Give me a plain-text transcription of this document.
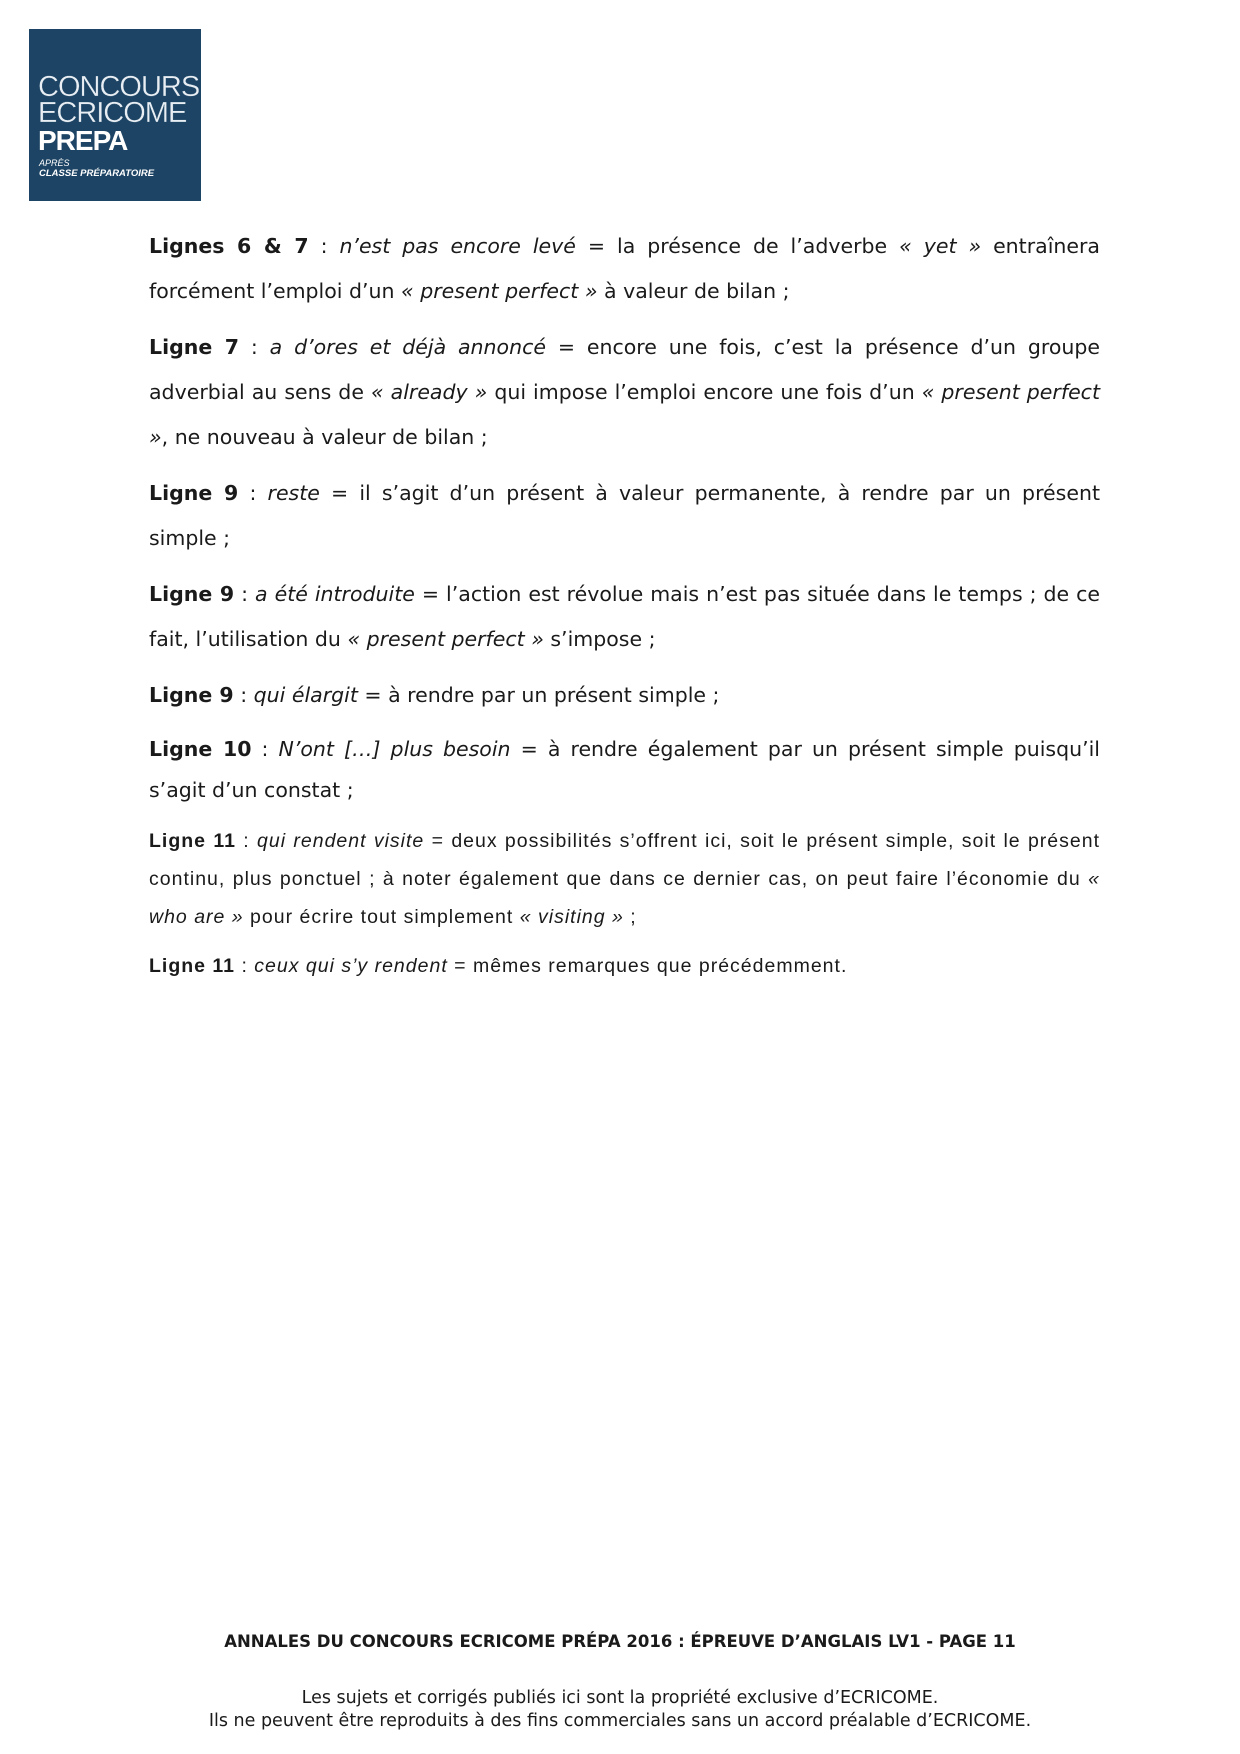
CONCOURS
ECRICOME
PREPA
APRÈS
CLASSE PRÉPARATOIRE

Lignes 6 & 7 : n’est pas encore levé = la présence de l’adverbe « yet » entraînera forcément l’emploi d’un « present perfect » à valeur de bilan ;

Ligne 7 : a d’ores et déjà annoncé = encore une fois, c’est la présence d’un groupe adverbial au sens de « already » qui impose l’emploi encore une fois d’un « present perfect », ne nouveau à valeur de bilan ;

Ligne 9 : reste = il s’agit d’un présent à valeur permanente, à rendre par un présent simple ;

Ligne 9 : a été introduite = l’action est révolue mais n’est pas située dans le temps ; de ce fait, l’utilisation du « present perfect » s’impose ;

Ligne 9 : qui élargit = à rendre par un présent simple ;

Ligne 10 : N’ont […] plus besoin = à rendre également par un présent simple puisqu’il s’agit d’un constat ;

Ligne 11 : qui rendent visite = deux possibilités s’offrent ici, soit le présent simple, soit le présent continu, plus ponctuel ; à noter également que dans ce dernier cas, on peut faire l’économie du « who are » pour écrire tout simplement « visiting » ;

Ligne 11 : ceux qui s’y rendent = mêmes remarques que précédemment.

ANNALES DU CONCOURS ECRICOME PRÉPA 2016 : ÉPREUVE D’ANGLAIS LV1 - PAGE 11
Les sujets et corrigés publiés ici sont la propriété exclusive d’ECRICOME.
Ils ne peuvent être reproduits à des fins commerciales sans un accord préalable d’ECRICOME.
